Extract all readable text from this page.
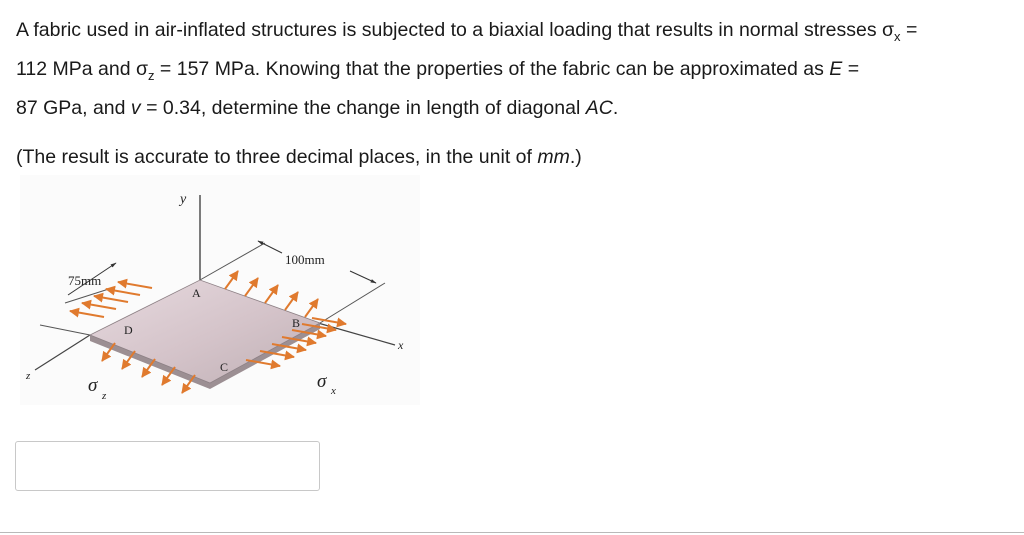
A fabric used in air-inflated structures is subjected to a biaxial loading that results in normal stresses $\sigma_x$ =

112 MPa and $\sigma_z = 157$ MPa. Knowing that the properties of the fabric can be approximated as E =

87 GPa, and v = 0.34, determine the change in length of diagonal AC.

(The result is accurate to three decimal places, in the unit of mm.)

y
x
z
100mm
75mm
A
B
C
D
σ z
σ x
